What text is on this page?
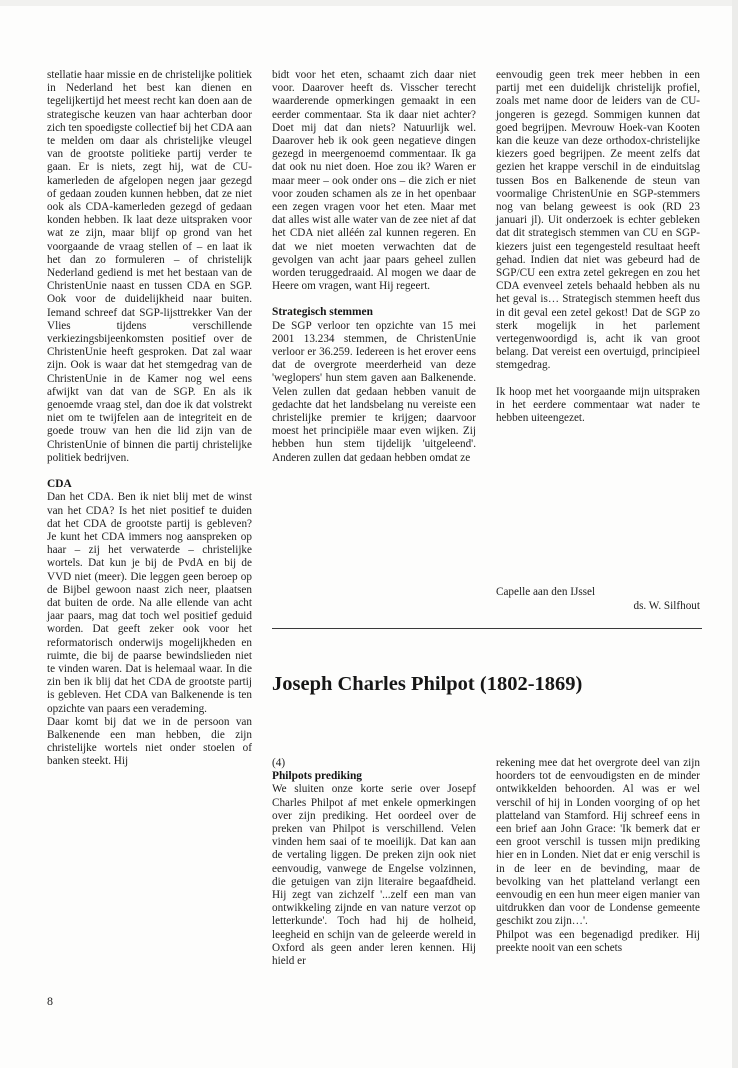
stellatie haar missie en de christelijke politiek in Nederland het best kan dienen en tegelijkertijd het meest recht kan doen aan de strategische keuzen van haar achterban door zich ten spoedigste collectief bij het CDA aan te melden om daar als christelijke vleugel van de grootste politieke partij verder te gaan. Er is niets, zegt hij, wat de CU-kamerleden de afgelopen negen jaar gezegd of gedaan zouden kunnen hebben, dat ze niet ook als CDA-kamerleden gezegd of gedaan konden hebben. Ik laat deze uitspraken voor wat ze zijn, maar blijf op grond van het voorgaande de vraag stellen of – en laat ik het dan zo formuleren – of christelijk Nederland gediend is met het bestaan van de ChristenUnie naast en tussen CDA en SGP. Ook voor de duidelijkheid naar buiten. Iemand schreef dat SGP-lijsttrekker Van der Vlies tijdens verschillende verkiezingsbijeenkomsten positief over de ChristenUnie heeft gesproken. Dat zal waar zijn. Ook is waar dat het stemgedrag van de ChristenUnie in de Kamer nog wel eens afwijkt van dat van de SGP. En als ik genoemde vraag stel, dan doe ik dat volstrekt niet om te twijfelen aan de integriteit en de goede trouw van hen die lid zijn van de ChristenUnie of binnen die partij christelijke politiek bedrijven.

CDA

Dan het CDA. Ben ik niet blij met de winst van het CDA? Is het niet positief te duiden dat het CDA de grootste partij is gebleven? Je kunt het CDA immers nog aanspreken op haar – zij het verwaterde – christelijke wortels. Dat kun je bij de PvdA en bij de VVD niet (meer). Die leggen geen beroep op de Bijbel gewoon naast zich neer, plaatsen dat buiten de orde. Na alle ellende van acht jaar paars, mag dat toch wel positief geduid worden. Dat geeft zeker ook voor het reformatorisch onderwijs mogelijkheden en ruimte, die bij de paarse bewindslieden niet te vinden waren. Dat is helemaal waar. In die zin ben ik blij dat het CDA de grootste partij is gebleven. Het CDA van Balkenende is ten opzichte van paars een verademing.

Daar komt bij dat we in de persoon van Balkenende een man hebben, die zijn christelijke wortels niet onder stoelen of banken steekt. Hij

bidt voor het eten, schaamt zich daar niet voor. Daarover heeft ds. Visscher terecht waarderende opmerkingen gemaakt in een eerder commentaar. Sta ik daar niet achter? Doet mij dat dan niets? Natuurlijk wel. Daarover heb ik ook geen negatieve dingen gezegd in meergenoemd commentaar. Ik ga dat ook nu niet doen. Hoe zou ik? Waren er maar meer – ook onder ons – die zich er niet voor zouden schamen als ze in het openbaar een zegen vragen voor het eten. Maar met dat alles wist alle water van de zee niet af dat het CDA niet alléén zal kunnen regeren. En dat we niet moeten verwachten dat de gevolgen van acht jaar paars geheel zullen worden teruggedraaid. Al mogen we daar de Heere om vragen, want Hij regeert.

Strategisch stemmen

De SGP verloor ten opzichte van 15 mei 2001 13.234 stemmen, de ChristenUnie verloor er 36.259. Iedereen is het erover eens dat de overgrote meerderheid van deze 'weglopers' hun stem gaven aan Balkenende. Velen zullen dat gedaan hebben vanuit de gedachte dat het landsbelang nu vereiste een christelijke premier te krijgen; daarvoor moest het principiële maar even wijken. Zij hebben hun stem tijdelijk 'uitgeleend'. Anderen zullen dat gedaan hebben omdat ze

eenvoudig geen trek meer hebben in een partij met een duidelijk christelijk profiel, zoals met name door de leiders van de CU-jongeren is gezegd. Sommigen kunnen dat goed begrijpen. Mevrouw Hoek-van Kooten kan die keuze van deze orthodox-christelijke kiezers goed begrijpen. Ze meent zelfs dat gezien het krappe verschil in de einduitslag tussen Bos en Balkenende de steun van voormalige ChristenUnie en SGP-stemmers nog van belang geweest is ook (RD 23 januari jl). Uit onderzoek is echter gebleken dat dit strategisch stemmen van CU en SGP-kiezers juist een tegengesteld resultaat heeft gehad. Indien dat niet was gebeurd had de SGP/CU een extra zetel gekregen en zou het CDA evenveel zetels behaald hebben als nu het geval is… Strategisch stemmen heeft dus in dit geval een zetel gekost! Dat de SGP zo sterk mogelijk in het parlement vertegenwoordigd is, acht ik van groot belang. Dat vereist een overtuigd, principieel stemgedrag.

Ik hoop met het voorgaande mijn uitspraken in het eerdere commentaar wat nader te hebben uiteengezet.

Capelle aan den IJssel
ds. W. Silfhout
Joseph Charles Philpot (1802-1869)

(4)

Philpots prediking

We sluiten onze korte serie over Josepf Charles Philpot af met enkele opmerkingen over zijn prediking. Het oordeel over de preken van Philpot is verschillend. Velen vinden hem saai of te moeilijk. Dat kan aan de vertaling liggen. De preken zijn ook niet eenvoudig, vanwege de Engelse volzinnen, die getuigen van zijn literaire begaafdheid. Hij zegt van zichzelf '...zelf een man van ontwikkeling zijnde en van nature verzot op letterkunde'. Toch had hij de holheid, leegheid en schijn van de geleerde wereld in Oxford als geen ander leren kennen. Hij hield er

rekening mee dat het overgrote deel van zijn hoorders tot de eenvoudigsten en de minder ontwikkelden behoorden. Al was er wel verschil of hij in Londen voorging of op het platteland van Stamford. Hij schreef eens in een brief aan John Grace: 'Ik bemerk dat er een groot verschil is tussen mijn prediking hier en in Londen. Niet dat er enig verschil is in de leer en de bevinding, maar de bevolking van het platteland verlangt een eenvoudig en een hun meer eigen manier van uitdrukken dan voor de Londense gemeente geschikt zou zijn…'.

Philpot was een begenadigd prediker. Hij preekte nooit van een schets

8
